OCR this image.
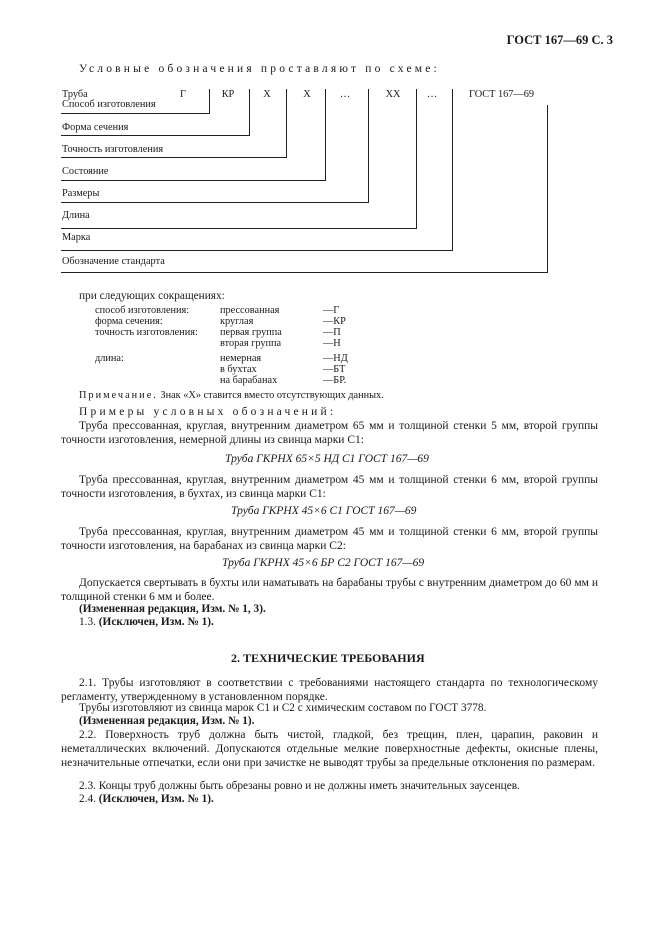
ГОСТ 167—69 С. 3
Условные обозначения проставляют по схеме:
Труба	Г	КР	Х	Х	…	ХХ	…	ГОСТ 167—69
Способ изготовления
Форма сечения
Точность изготовления
Состояние
Размеры
Длина
Марка
Обозначение стандарта
при следующих сокращениях:
способ изготовления:	прессованная	—Г
форма сечения:	круглая	—КР
точность изготовления: первая группа	—П
вторая группа	—Н
длина:	немерная	—НД
в бухтах	—БТ
на барабанах	—БР.
Примечание. Знак «Х» ставится вместо отсутствующих данных.
Примеры условных обозначений:
Труба прессованная, круглая, внутренним диаметром 65 мм и толщиной стенки 5 мм, второй группы точности изготовления, немерной длины из свинца марки С1:
Труба ГКРНХ 65×5 НД С1 ГОСТ 167—69
Труба прессованная, круглая, внутренним диаметром 45 мм и толщиной стенки 6 мм, второй группы точности изготовления, в бухтах, из свинца марки С1:
Труба ГКРНХ 45×6 С1 ГОСТ 167—69
Труба прессованная, круглая, внутренним диаметром 45 мм и толщиной стенки 6 мм, второй группы точности изготовления, на барабанах из свинца марки С2:
Труба ГКРНХ 45×6 БР С2 ГОСТ 167—69
Допускается свертывать в бухты или наматывать на барабаны трубы с внутренним диаметром до 60 мм и толщиной стенки 6 мм и более.
(Измененная редакция, Изм. № 1, 3).
1.3. (Исключен, Изм. № 1).
2. ТЕХНИЧЕСКИЕ ТРЕБОВАНИЯ
2.1. Трубы изготовляют в соответствии с требованиями настоящего стандарта по технологическому регламенту, утвержденному в установленном порядке.
Трубы изготовляют из свинца марок С1 и С2 с химическим составом по ГОСТ 3778.
(Измененная редакция, Изм. № 1).
2.2. Поверхность труб должна быть чистой, гладкой, без трещин, плен, царапин, раковин и неметаллических включений. Допускаются отдельные мелкие поверхностные дефекты, окисные плены, незначительные отпечатки, если они при зачистке не выводят трубы за предельные отклонения по размерам.
2.3. Концы труб должны быть обрезаны ровно и не должны иметь значительных заусенцев.
2.4. (Исключен, Изм. № 1).
